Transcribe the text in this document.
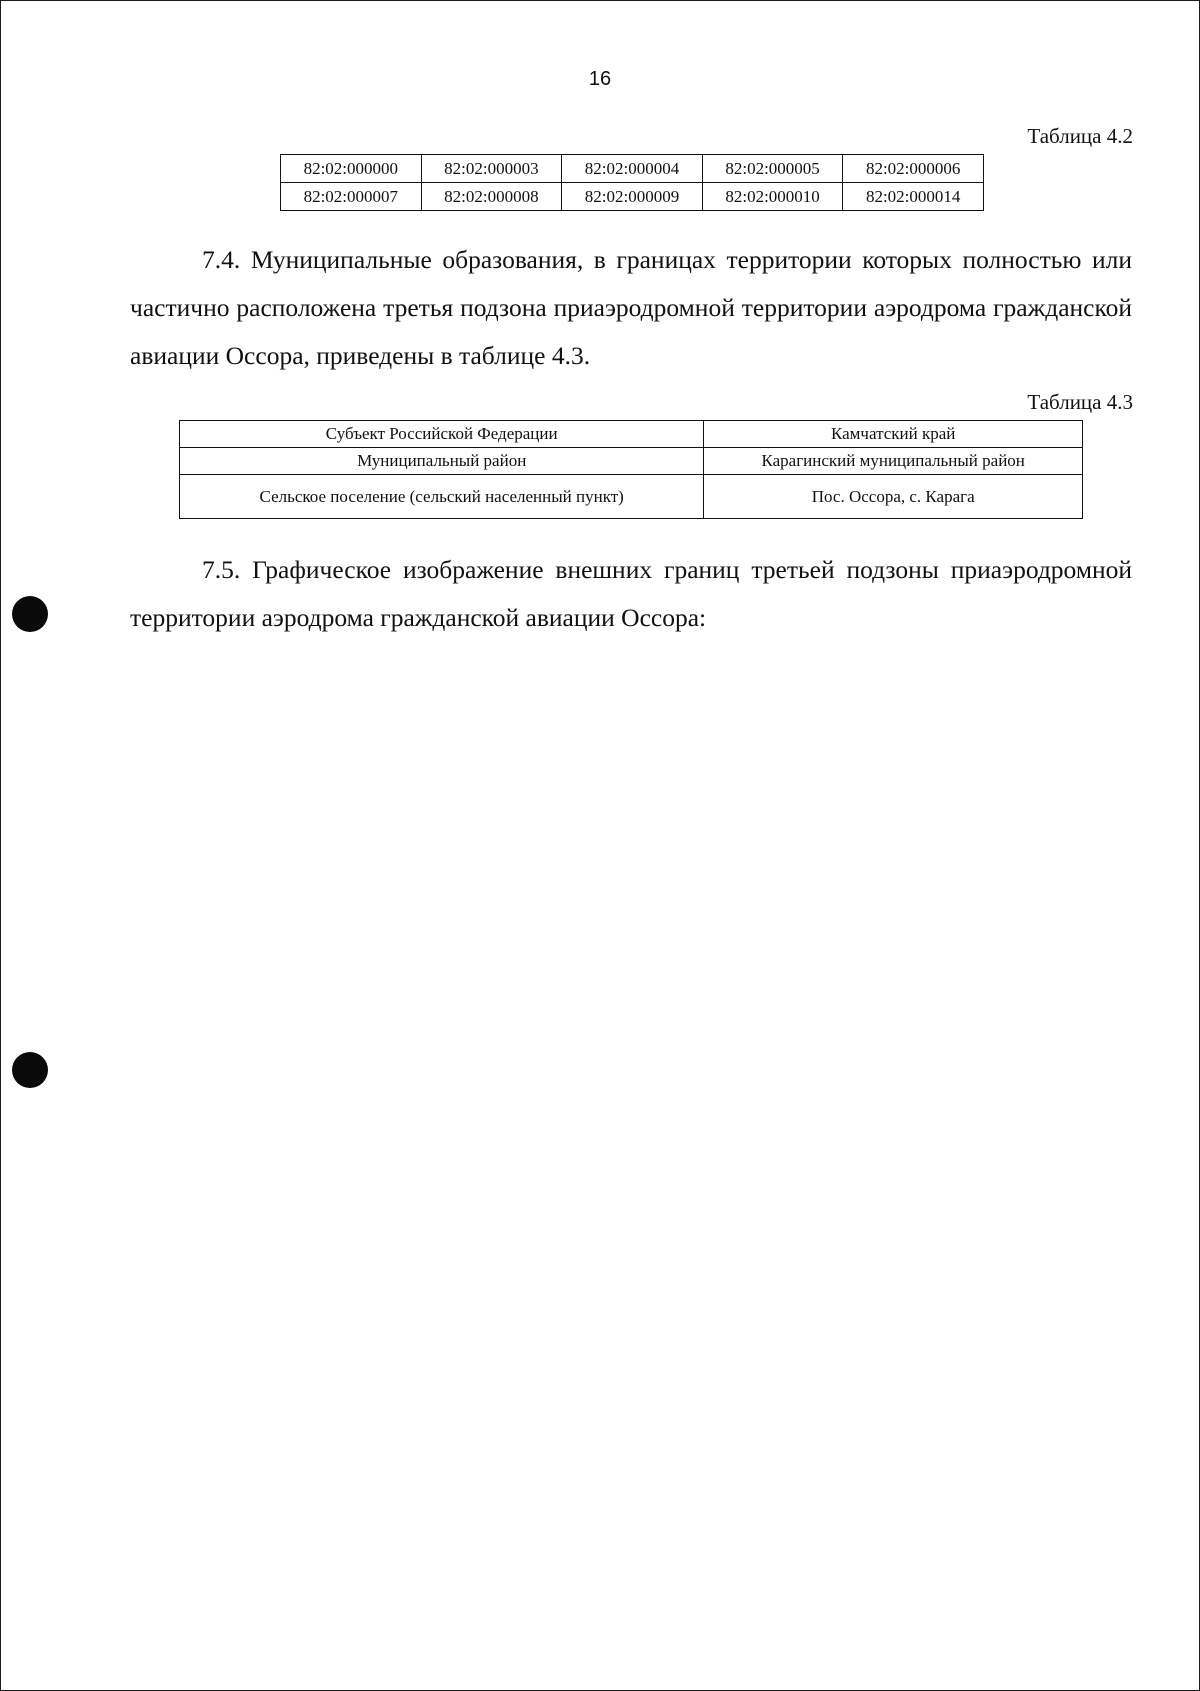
16
Таблица 4.2
82:02:000000	82:02:000003	82:02:000004	82:02:000005	82:02:000006
82:02:000007	82:02:000008	82:02:000009	82:02:000010	82:02:000014

7.4. Муниципальные образования, в границах территории которых полностью или частично расположена третья подзона приаэродромной территории аэродрома гражданской авиации Оссора, приведены в таблице 4.3.

Таблица 4.3
Субъект Российской Федерации	Камчатский край
Муниципальный район	Карагинский муниципальный район
Сельское поселение (сельский населенный пункт)	Пос. Оссора, с. Карага

7.5. Графическое изображение внешних границ третьей подзоны приаэродромной территории аэродрома гражданской авиации Оссора:
